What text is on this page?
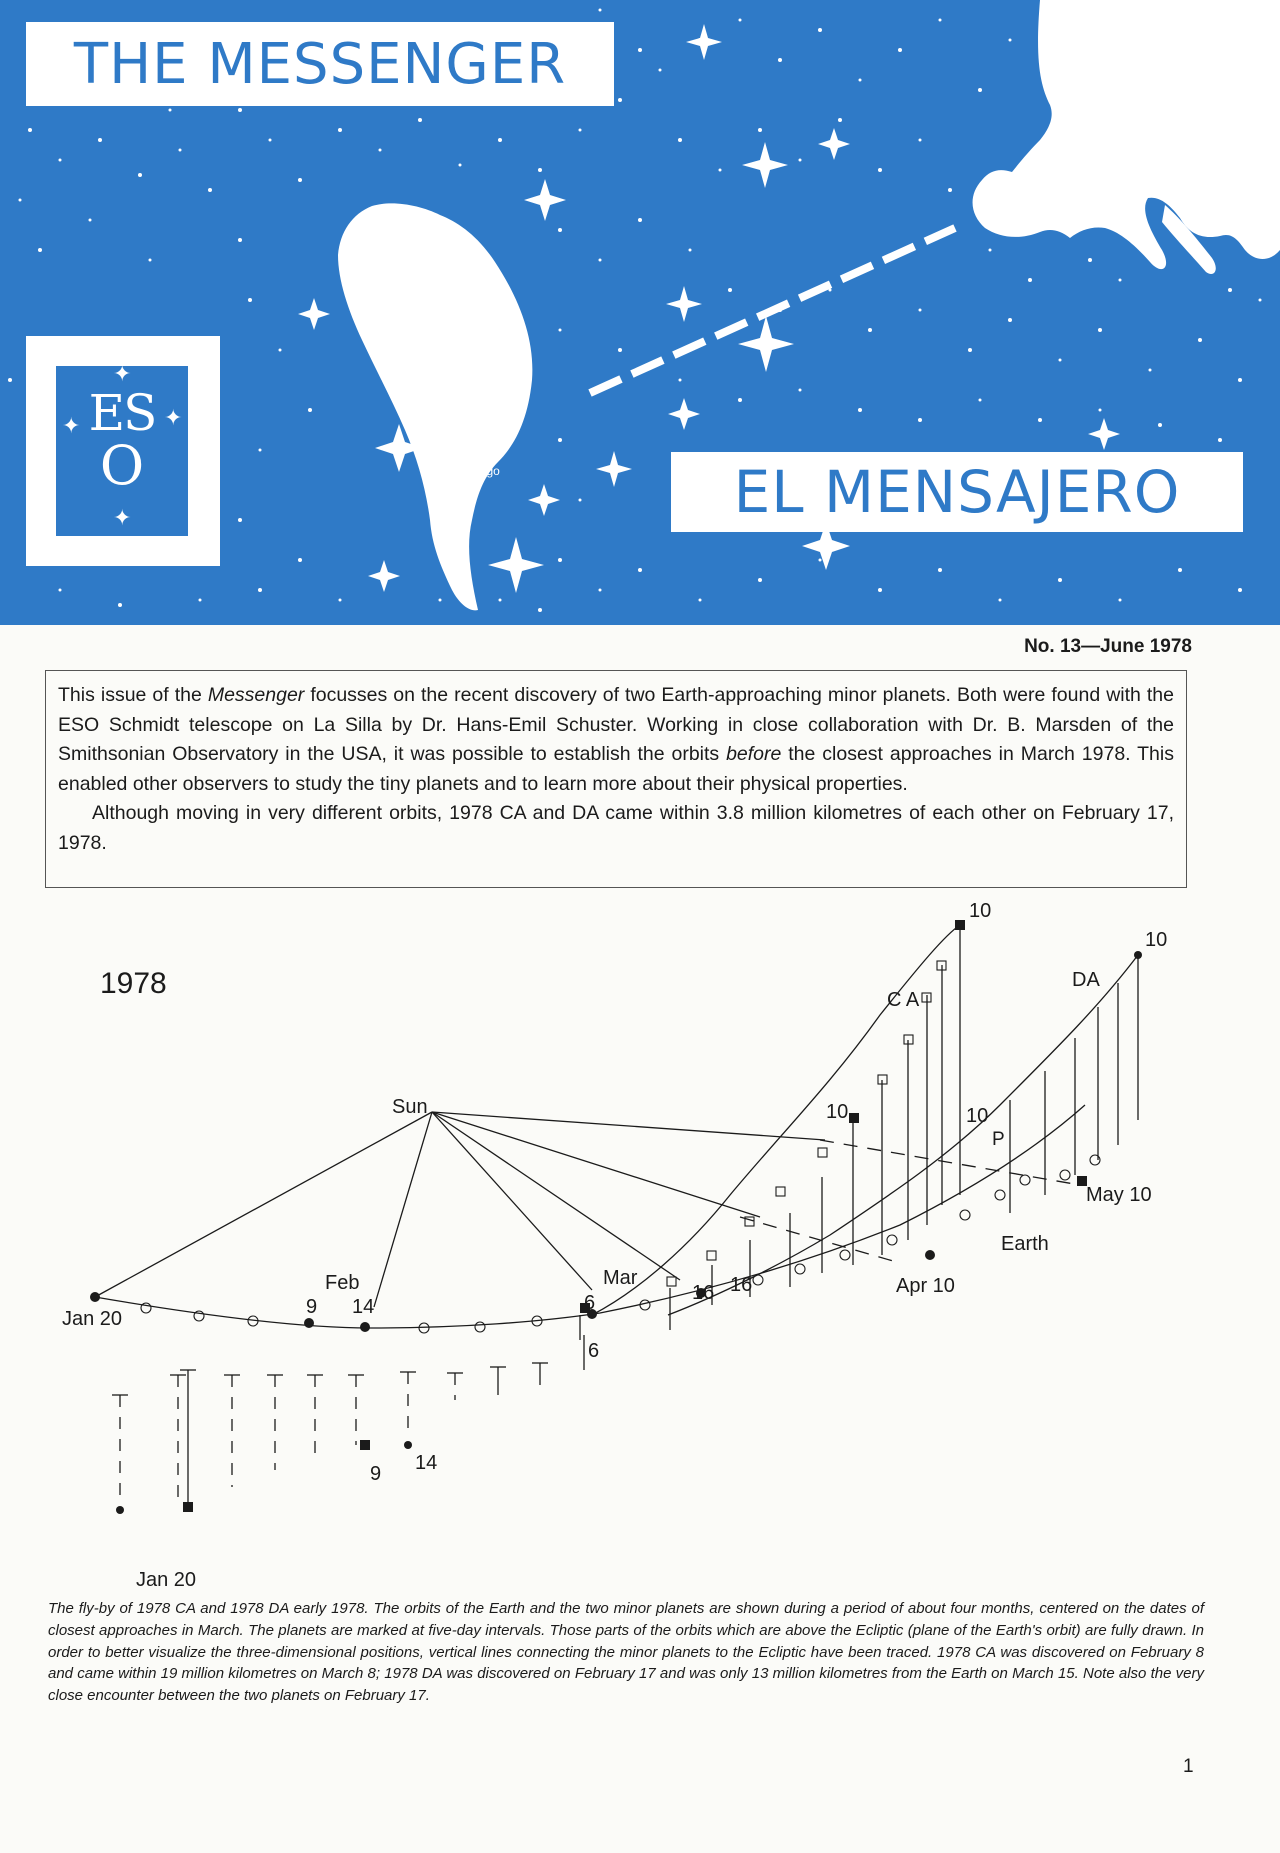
THE MESSENGER
EL MENSAJERO
ES
O
✦
✦	✦
✦
● La Silla
● La Serena
● Santiago
● Munich
● Geneva
No. 13—June 1978

This issue of the Messenger focusses on the recent discovery of two Earth-approaching minor planets. Both were found with the ESO Schmidt telescope on La Silla by Dr. Hans-Emil Schuster. Working in close collaboration with Dr. B. Marsden of the Smithsonian Observatory in the USA, it was possible to establish the orbits before the closest approaches in March 1978. This enabled other observers to study the tiny planets and to learn more about their physical properties.

Although moving in very different orbits, 1978 CA and DA came within 3.8 million kilometres of each other on February 17, 1978.

1978
Sun
Jan 20
Feb
9 14
Mar
6
6
16 16	Apr 10
May 10
Earth
C A
DA
P
10
10
10	10
Jan 20
9 14
The fly-by of 1978 CA and 1978 DA early 1978. The orbits of the Earth and the two minor planets are shown during a period of about four months, centered on the dates of closest approaches in March. The planets are marked at five-day intervals. Those parts of the orbits which are above the Ecliptic (plane of the Earth's orbit) are fully drawn. In order to better visualize the three-dimensional positions, vertical lines connecting the minor planets to the Ecliptic have been traced. 1978 CA was discovered on February 8 and came within 19 million kilometres on March 8; 1978 DA was discovered on February 17 and was only 13 million kilometres from the Earth on March 15. Note also the very close encounter between the two planets on February 17.
1
